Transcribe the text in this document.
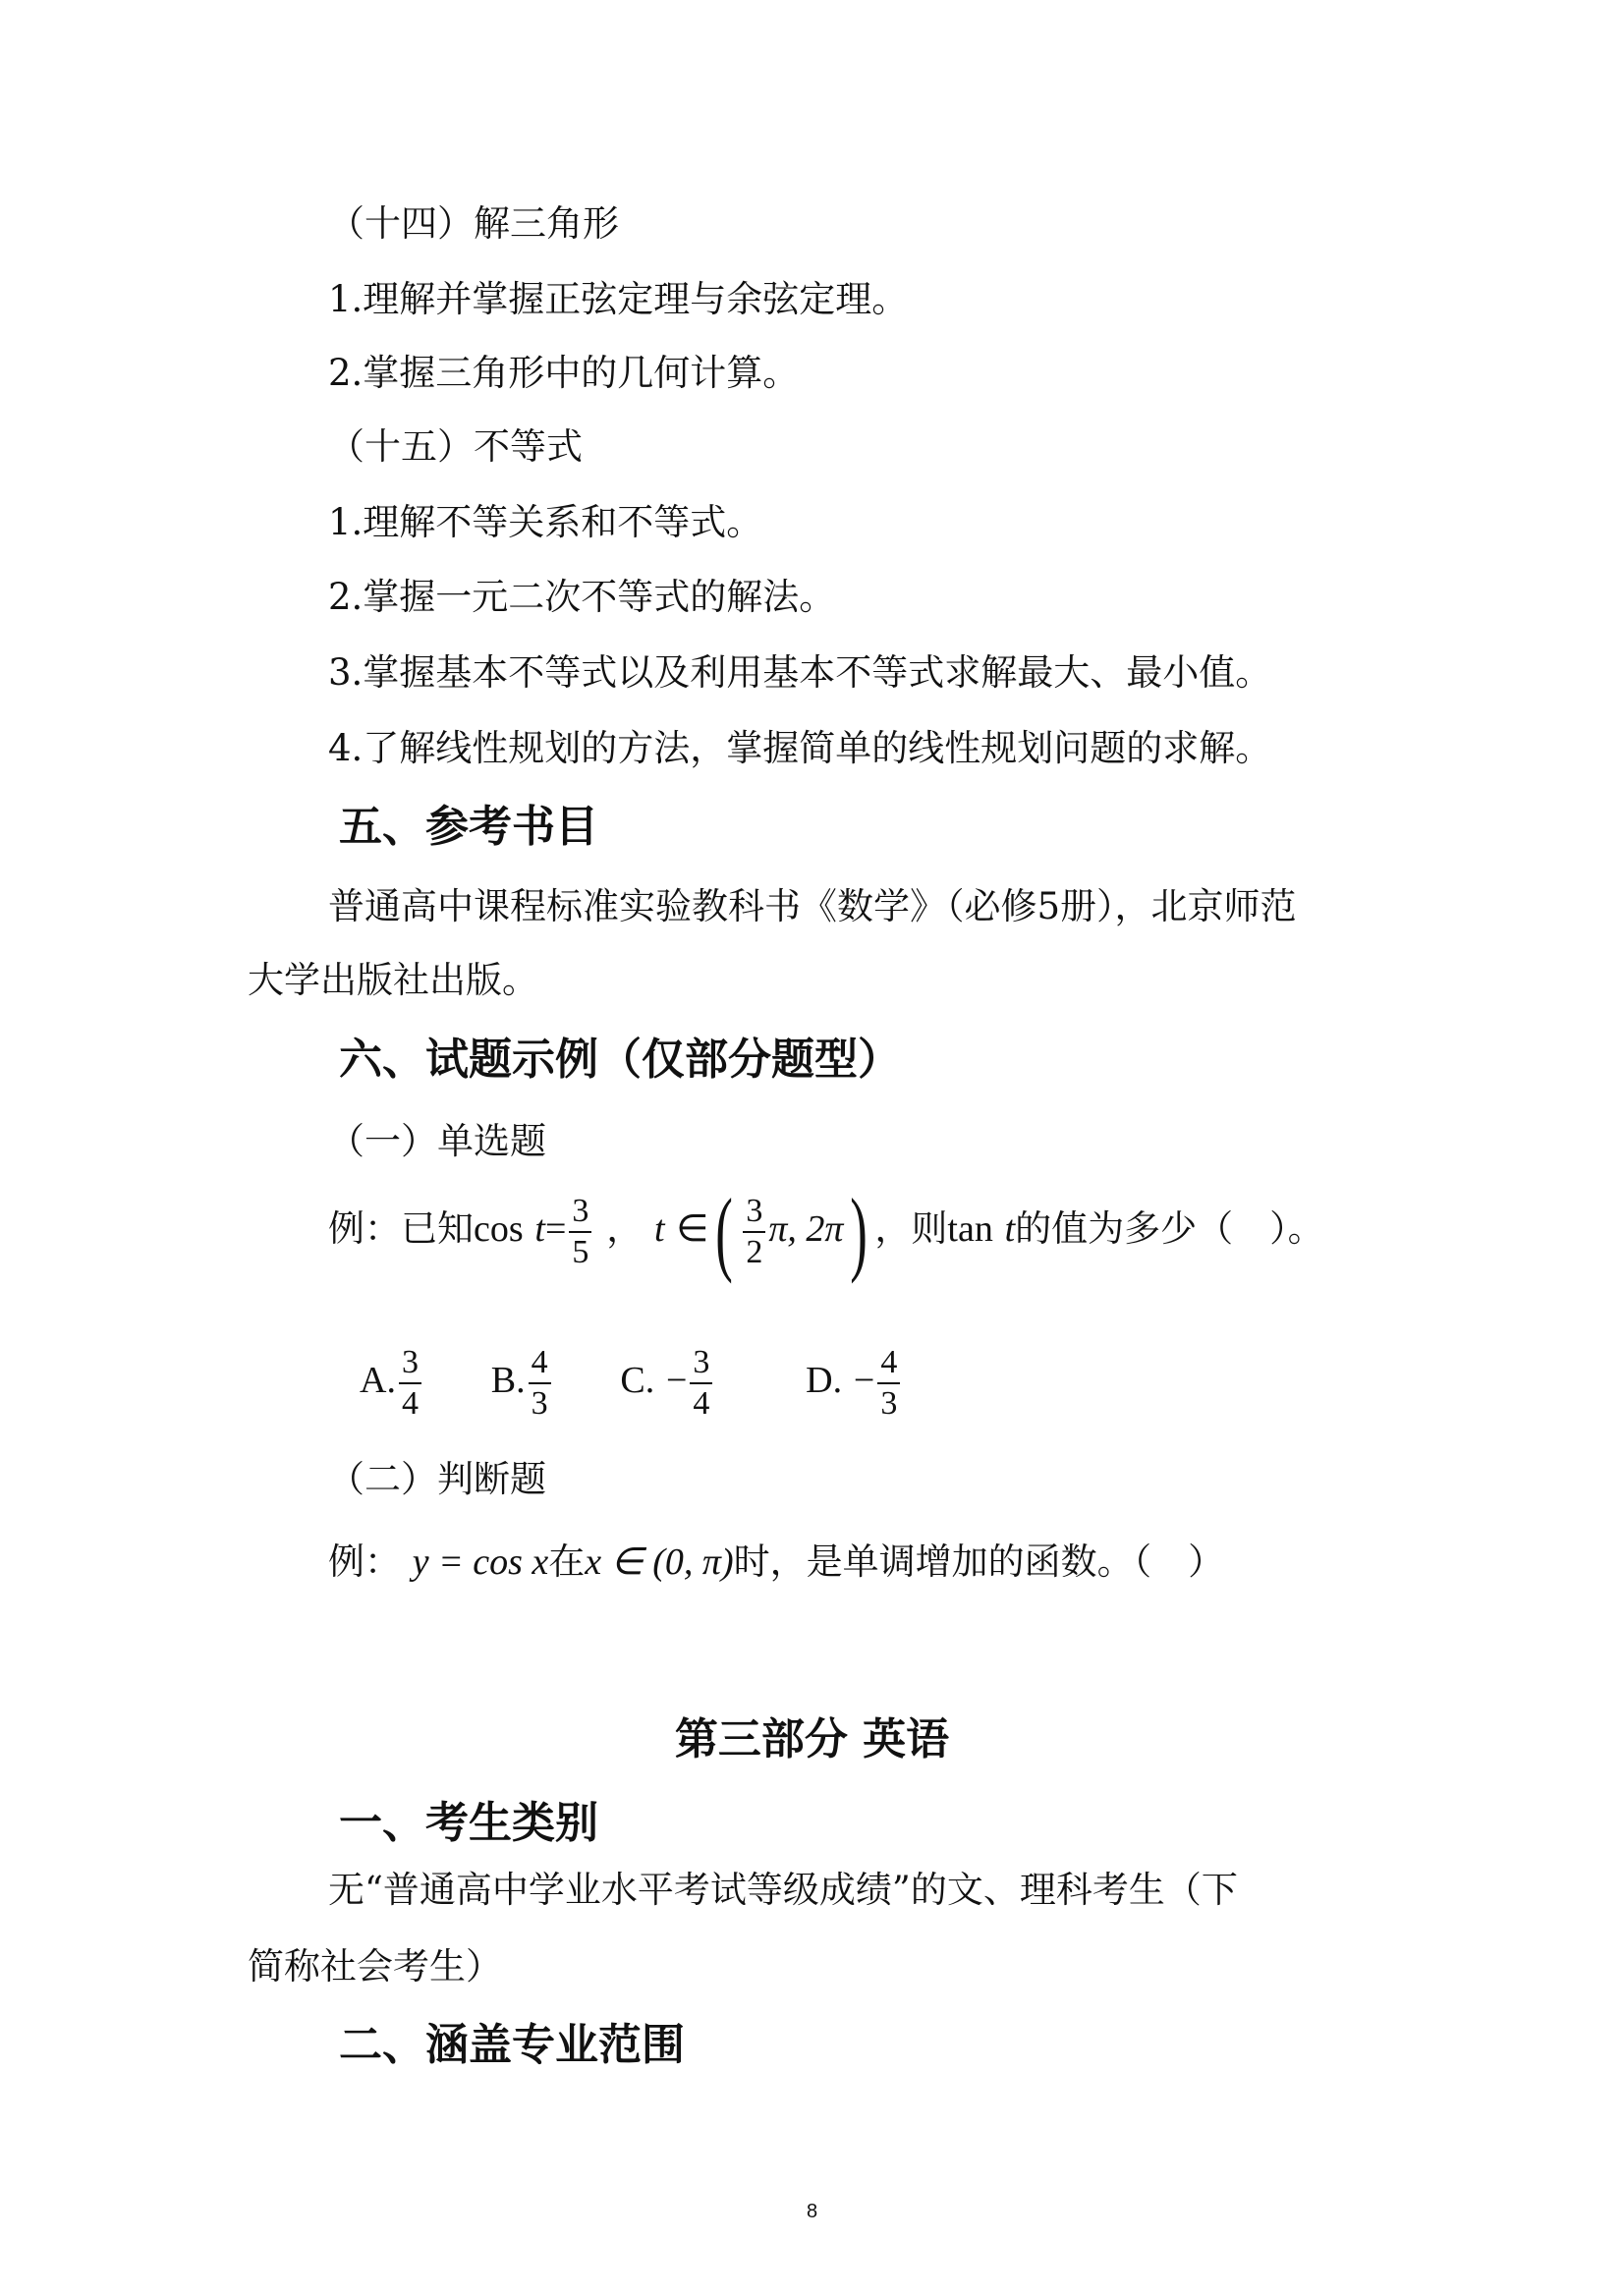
（十四）解三角形
1.理解并掌握正弦定理与余弦定理。
2.掌握三角形中的几何计算。
（十五）不等式
1.理解不等关系和不等式。
2.掌握一元二次不等式的解法。
3.掌握基本不等式以及利用基本不等式求解最大、最小值。
4.了解线性规划的方法，掌握简单的线性规划问题的求解。
五、参考书目
普通高中课程标准实验教科书《数学》（必修5册），北京师范
大学出版社出版。
六、试题示例（仅部分题型）
（一）单选题
例：已知$\cos t= \frac{3}{5}$ ， t ∈( $\frac{3}{2} \pi$, 2π) ，则tan t的值为多少（　）。
A. $\frac{3}{4} B$. $\frac{4}{3} C$. − $\frac{3}{4} D$. − $\frac{4}{3}$
（二）判断题
例： y = cos x在x ∈ (0, π)时，是单调增加的函数。（　）
第三部分 英语
一、考生类别
无“普通高中学业水平考试等级成绩”的文、理科考生（下
简称社会考生）
二、涵盖专业范围
8
